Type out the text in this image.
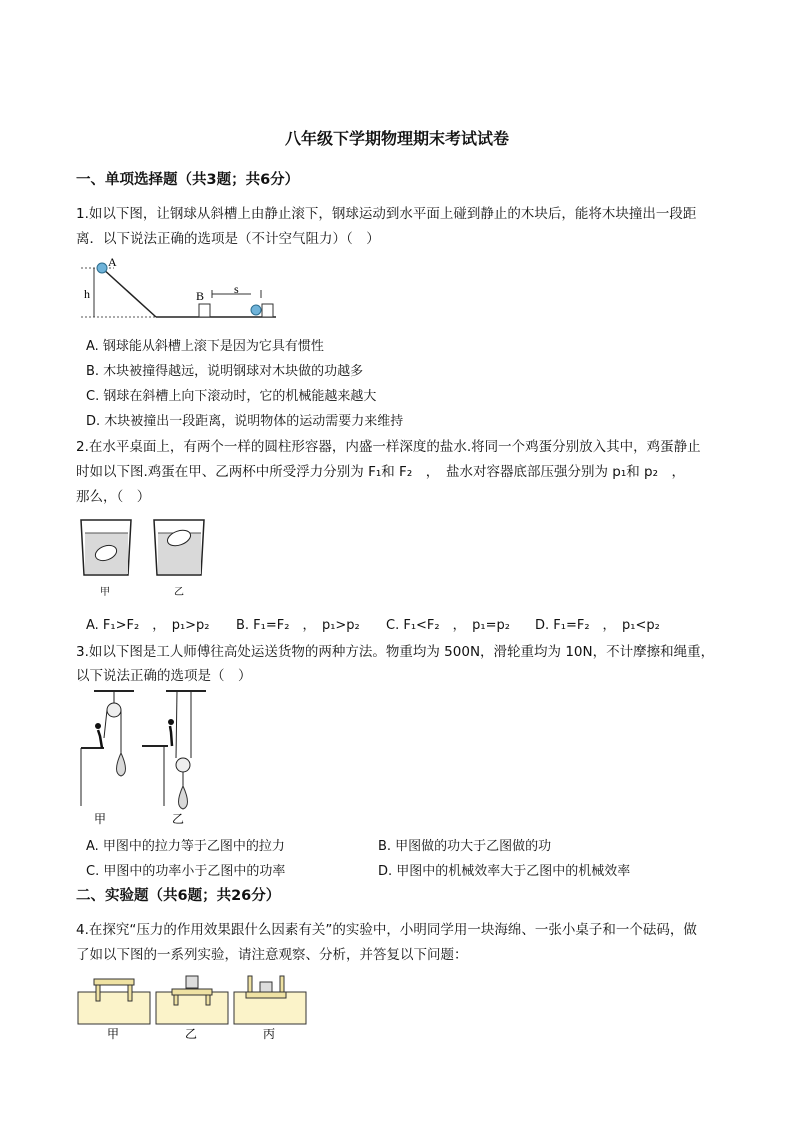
八年级下学期物理期末考试试卷
一、单项选择题（共3题；共6分）
1.如以下图，让钢球从斜槽上由静止滚下，钢球运动到水平面上碰到静止的木块后，能将木块撞出一段距
离．以下说法正确的选项是（不计空气阻力）（　）
A
h	B s
A. 钢球能从斜槽上滚下是因为它具有惯性
B. 木块被撞得越远，说明钢球对木块做的功越多
C. 钢球在斜槽上向下滚动时，它的机械能越来越大
D. 木块被撞出一段距离，说明物体的运动需要力来维持
2.在水平桌面上，有两个一样的圆柱形容器，内盛一样深度的盐水.将同一个鸡蛋分别放入其中，鸡蛋静止
时如以下图.鸡蛋在甲、乙两杯中所受浮力分别为 F₁和 F₂　，　盐水对容器底部压强分别为 p₁和 p₂　，
那么，（　）
甲	乙
A. F₁>F₂　，　p₁>p₂ B. F₁=F₂　，　p₁>p₂ C. F₁<F₂　，　p₁=p₂ D. F₁=F₂　，　p₁<p₂
3.如以下图是工人师傅往高处运送货物的两种方法。物重均为 500N，滑轮重均为 10N，不计摩擦和绳重，
以下说法正确的选项是（　）
甲	乙
A. 甲图中的拉力等于乙图中的拉力	B. 甲图做的功大于乙图做的功
C. 甲图中的功率小于乙图中的功率	D. 甲图中的机械效率大于乙图中的机械效率
二、实验题（共6题；共26分）
4.在探究“压力的作用效果跟什么因素有关”的实验中，小明同学用一块海绵、一张小桌子和一个砝码，做
了如以下图的一系列实验，请注意观察、分析，并答复以下问题：
甲	乙	丙
